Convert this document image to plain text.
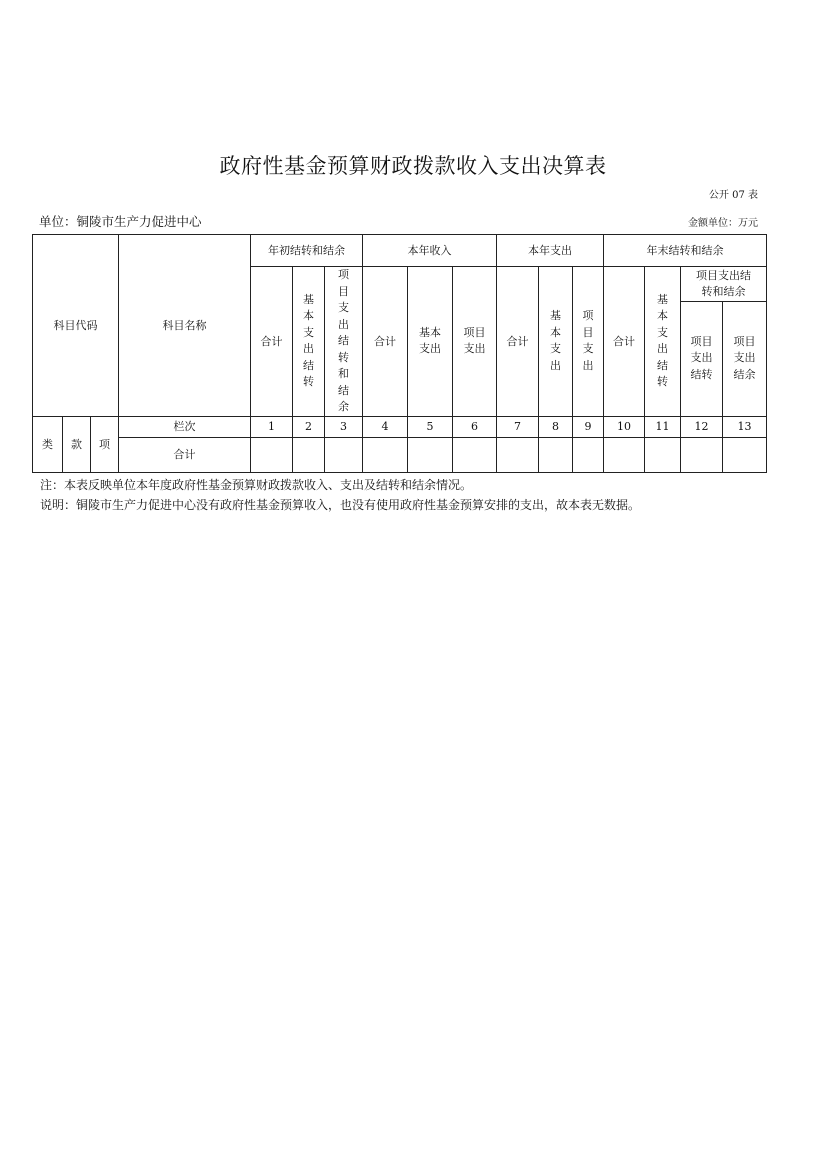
政府性基金预算财政拨款收入支出决算表
公开 07 表
单位：铜陵市生产力促进中心	金额单位：万元
科目代码			科目名称	年初结转和结余			本年收入			本年支出			年末结转和结余			
				合计	基本支出结转	项目支出结转和结余	合计	基本支出	项目支出	合计	基本支出	项目支出	合计	基本支出结转	项目支出结转和结余	
															项目支出结转	项目支出结余
类	款	项	栏次	1	2	3	4	5	6	7	8	9	10	11	12	13
			合计													
注：本表反映单位本年度政府性基金预算财政拨款收入、支出及结转和结余情况。
说明：铜陵市生产力促进中心没有政府性基金预算收入，也没有使用政府性基金预算安排的支出，故本表无数据。
